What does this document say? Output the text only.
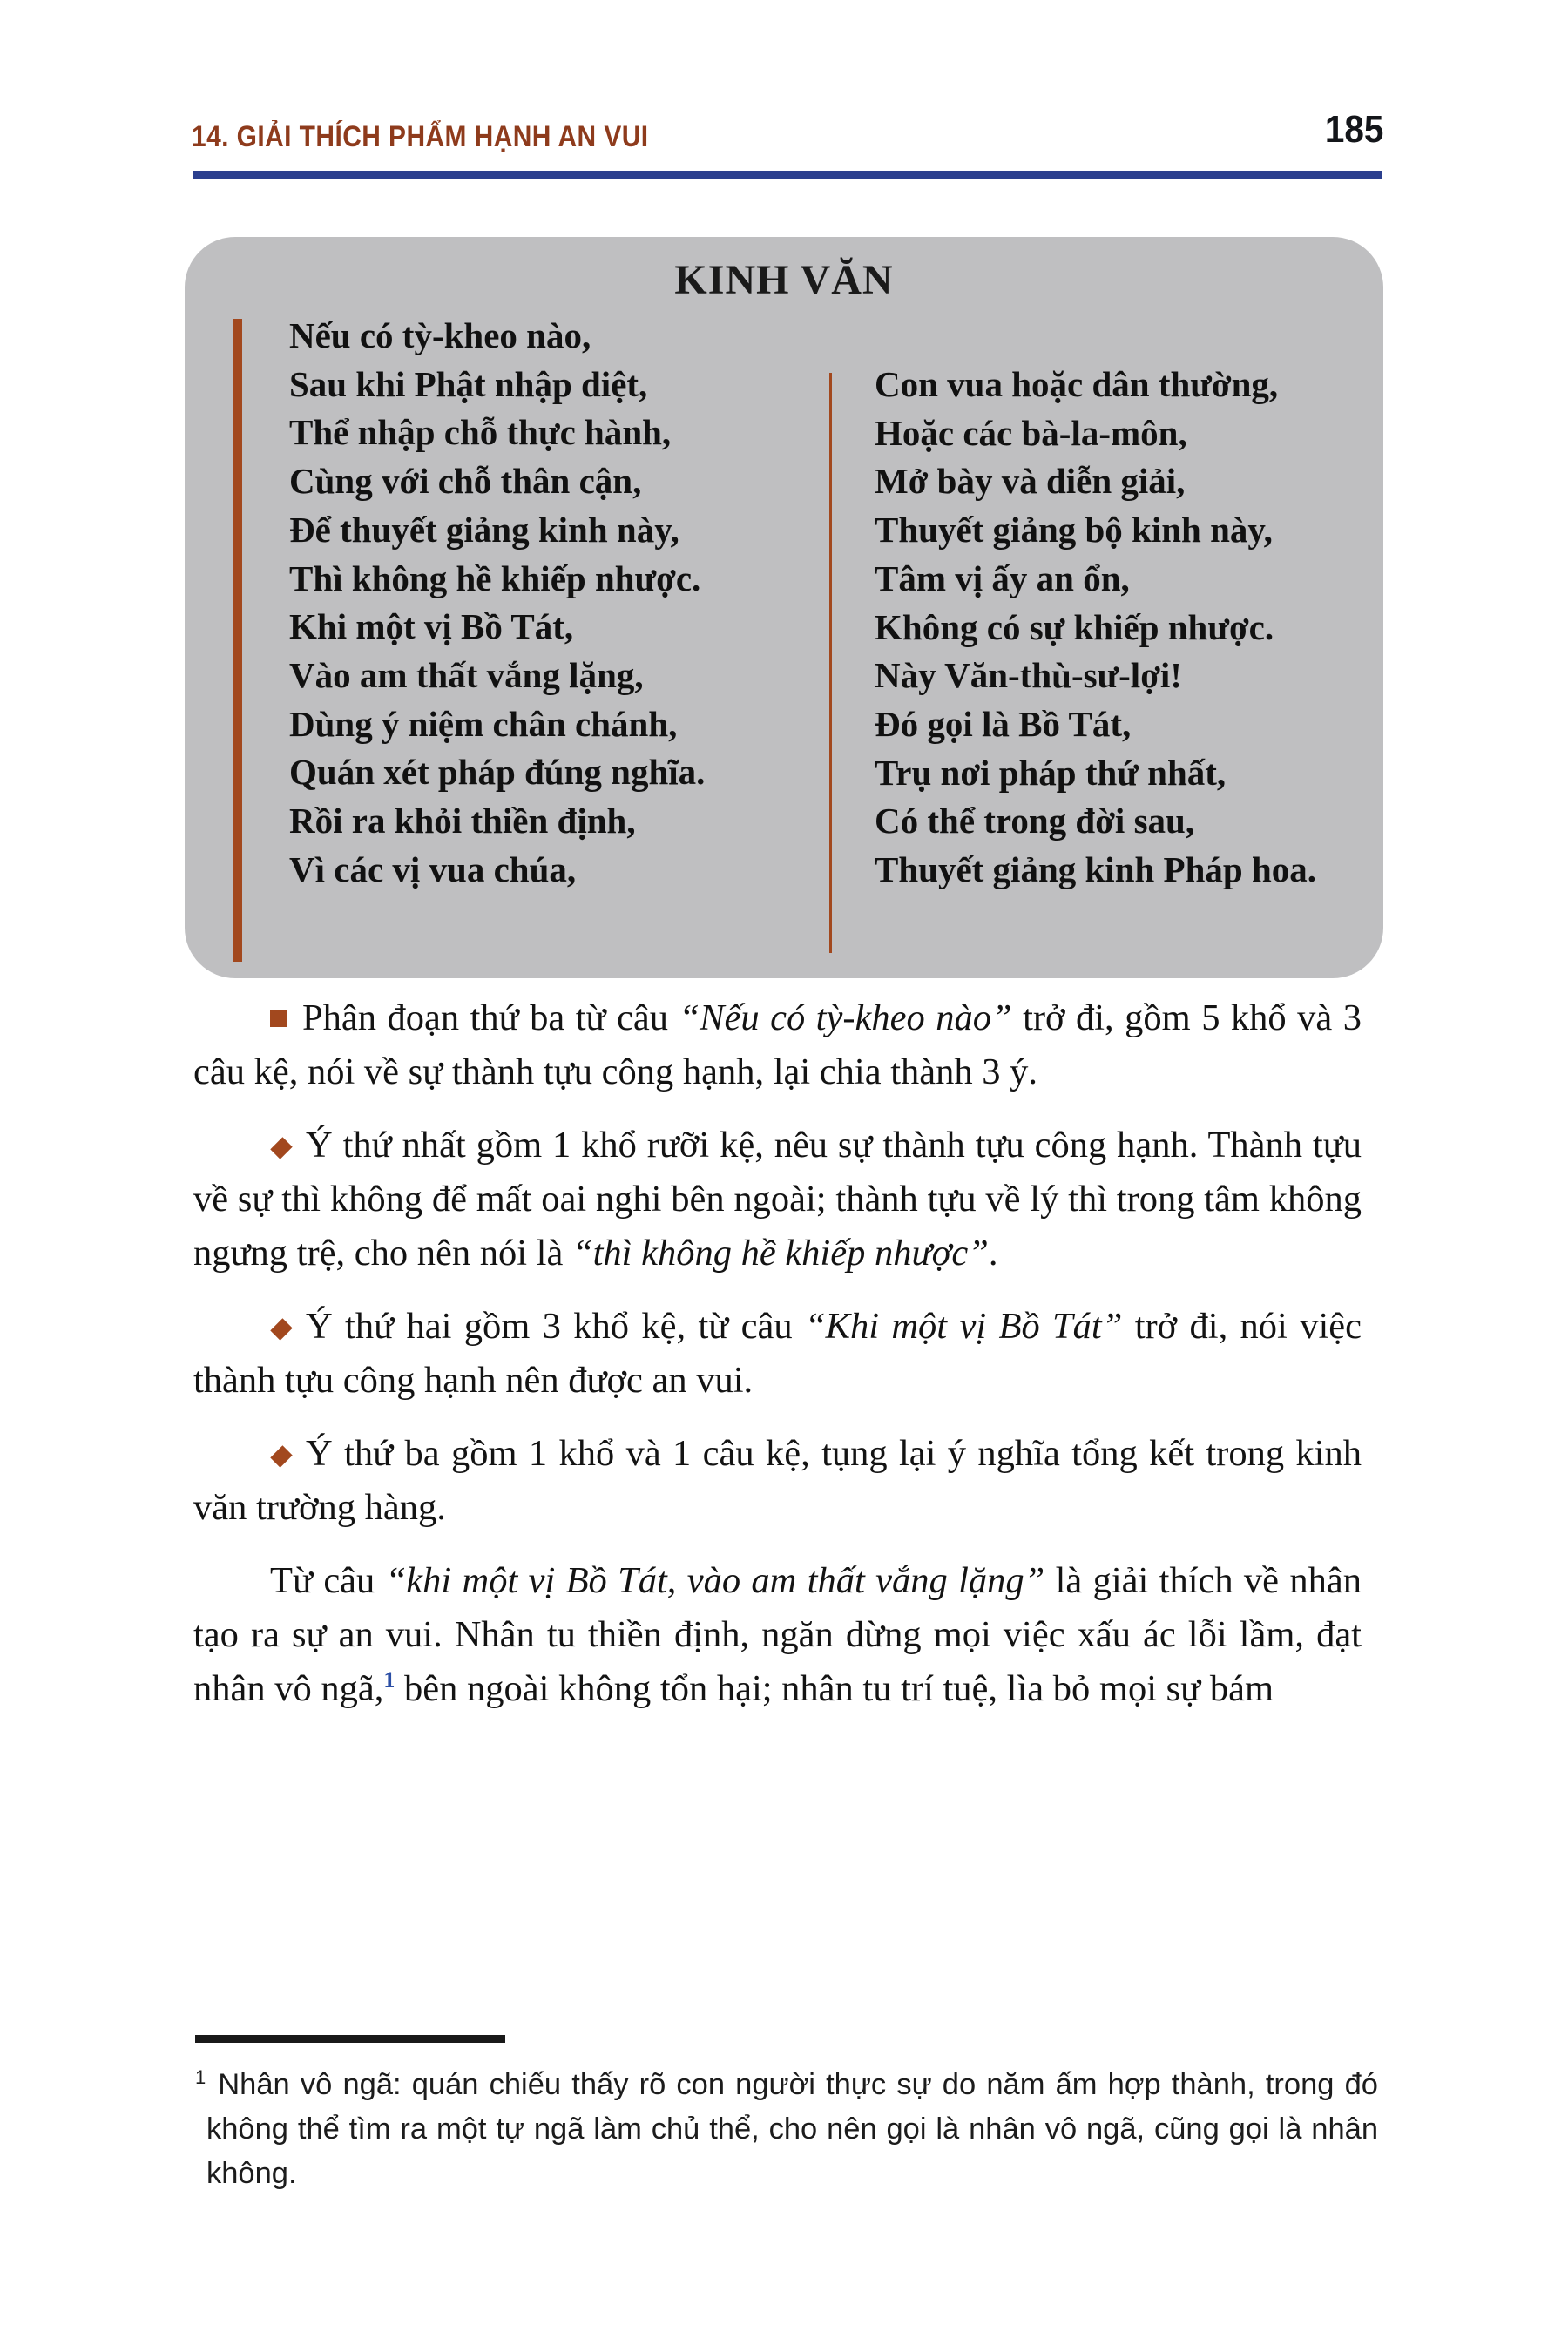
14. GIẢI THÍCH PHẨM HẠNH AN VUI	185
KINH VĂN
Nếu có tỳ-kheo nào,
Sau khi Phật nhập diệt,
Thể nhập chỗ thực hành,
Cùng với chỗ thân cận,
Để thuyết giảng kinh này,
Thì không hề khiếp nhược.
Khi một vị Bồ Tát,
Vào am thất vắng lặng,
Dùng ý niệm chân chánh,
Quán xét pháp đúng nghĩa.
Rồi ra khỏi thiền định,
Vì các vị vua chúa,
Con vua hoặc dân thường,
Hoặc các bà-la-môn,
Mở bày và diễn giải,
Thuyết giảng bộ kinh này,
Tâm vị ấy an ổn,
Không có sự khiếp nhược.
Này Văn-thù-sư-lợi!
Đó gọi là Bồ Tát,
Trụ nơi pháp thứ nhất,
Có thể trong đời sau,
Thuyết giảng kinh Pháp hoa.

Phân đoạn thứ ba từ câu “Nếu có tỳ-kheo nào” trở đi, gồm 5 khổ và 3 câu kệ, nói về sự thành tựu công hạnh, lại chia thành 3 ý.

Ý thứ nhất gồm 1 khổ rưỡi kệ, nêu sự thành tựu công hạnh. Thành tựu về sự thì không để mất oai nghi bên ngoài; thành tựu về lý thì trong tâm không ngưng trệ, cho nên nói là “thì không hề khiếp nhược”.

Ý thứ hai gồm 3 khổ kệ, từ câu “Khi một vị Bồ Tát” trở đi, nói việc thành tựu công hạnh nên được an vui.

Ý thứ ba gồm 1 khổ và 1 câu kệ, tụng lại ý nghĩa tổng kết trong kinh văn trường hàng.

Từ câu “khi một vị Bồ Tát, vào am thất vắng lặng” là giải thích về nhân tạo ra sự an vui. Nhân tu thiền định, ngăn dừng mọi việc xấu ác lỗi lầm, đạt nhân vô ngã,$^1$ bên ngoài không tổn hại; nhân tu trí tuệ, lìa bỏ mọi sự bám

$^1$ Nhân vô ngã: quán chiếu thấy rõ con người thực sự do năm ấm hợp thành, trong đó không thể tìm ra một tự ngã làm chủ thể, cho nên gọi là nhân vô ngã, cũng gọi là nhân không.
